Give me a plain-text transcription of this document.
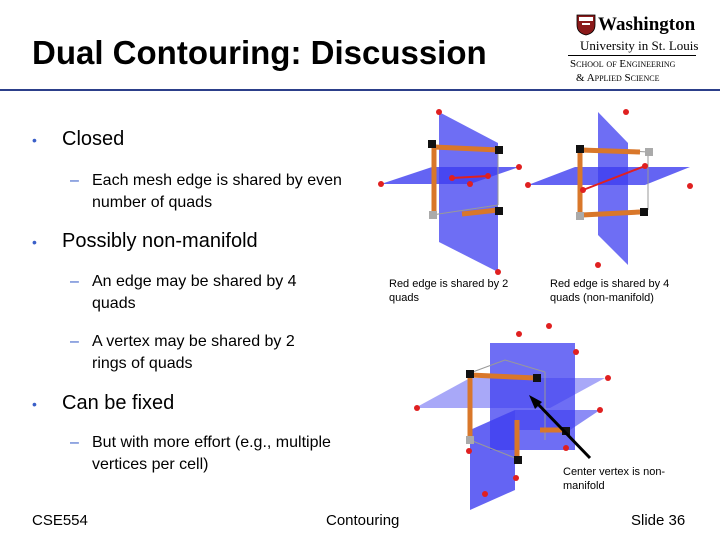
Dual Contouring: Discussion
Washington
University in St. Louis
School of Engineering
& Applied Science
• Closed
– Each mesh edge is shared by even number of quads
• Possibly non-manifold
– An edge may be shared by 4 quads
– A vertex may be shared by 2 rings of quads
• Can be fixed
– But with more effort (e.g., multiple vertices per cell)
Red edge is shared by 2 quads
Red edge is shared by 4 quads (non-manifold)
Center vertex is non-manifold
CSE554	Contouring	Slide 36
